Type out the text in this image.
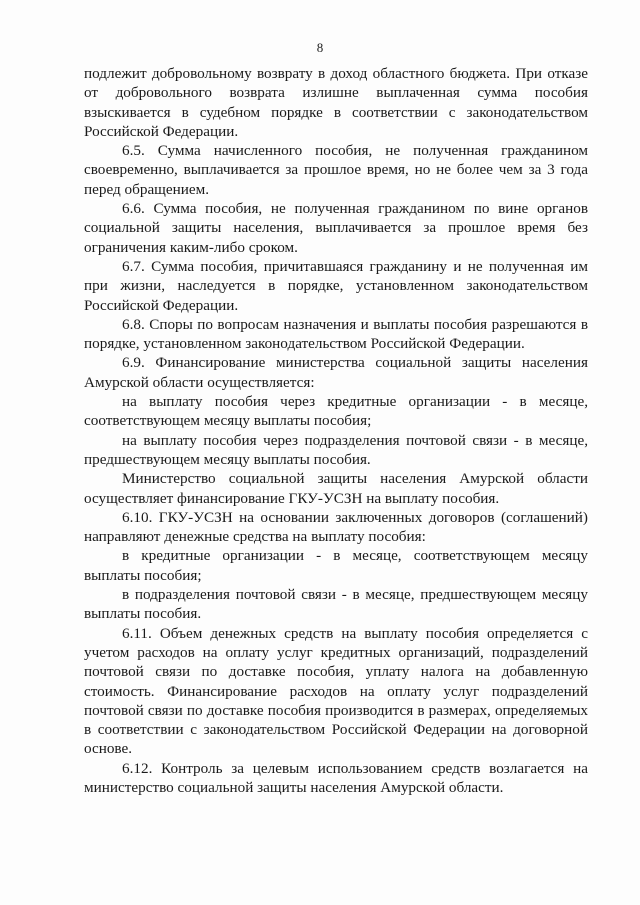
8

подлежит добровольному возврату в доход областного бюджета. При отказе от добровольного возврата излишне выплаченная сумма пособия взыскивается в судебном порядке в соответствии с законодательством Российской Федерации.

6.5. Сумма начисленного пособия, не полученная гражданином своевременно, выплачивается за прошлое время, но не более чем за 3 года перед обращением.

6.6. Сумма пособия, не полученная гражданином по вине органов социальной защиты населения, выплачивается за прошлое время без ограничения каким-либо сроком.

6.7. Сумма пособия, причитавшаяся гражданину и не полученная им при жизни, наследуется в порядке, установленном законодательством Российской Федерации.

6.8. Споры по вопросам назначения и выплаты пособия разрешаются в порядке, установленном законодательством Российской Федерации.

6.9. Финансирование министерства социальной защиты населения Амурской области осуществляется:

на выплату пособия через кредитные организации - в месяце, соответствующем месяцу выплаты пособия;

на выплату пособия через подразделения почтовой связи - в месяце, предшествующем месяцу выплаты пособия.

Министерство социальной защиты населения Амурской области осуществляет финансирование ГКУ-УСЗН на выплату пособия.

6.10. ГКУ-УСЗН на основании заключенных договоров (соглашений) направляют денежные средства на выплату пособия:

в кредитные организации - в месяце, соответствующем месяцу выплаты пособия;

в подразделения почтовой связи - в месяце, предшествующем месяцу выплаты пособия.

6.11. Объем денежных средств на выплату пособия определяется с учетом расходов на оплату услуг кредитных организаций, подразделений почтовой связи по доставке пособия, уплату налога на добавленную стоимость. Финансирование расходов на оплату услуг подразделений почтовой связи по доставке пособия производится в размерах, определяемых в соответствии с законодательством Российской Федерации на договорной основе.

6.12. Контроль за целевым использованием средств возлагается на министерство социальной защиты населения Амурской области.
